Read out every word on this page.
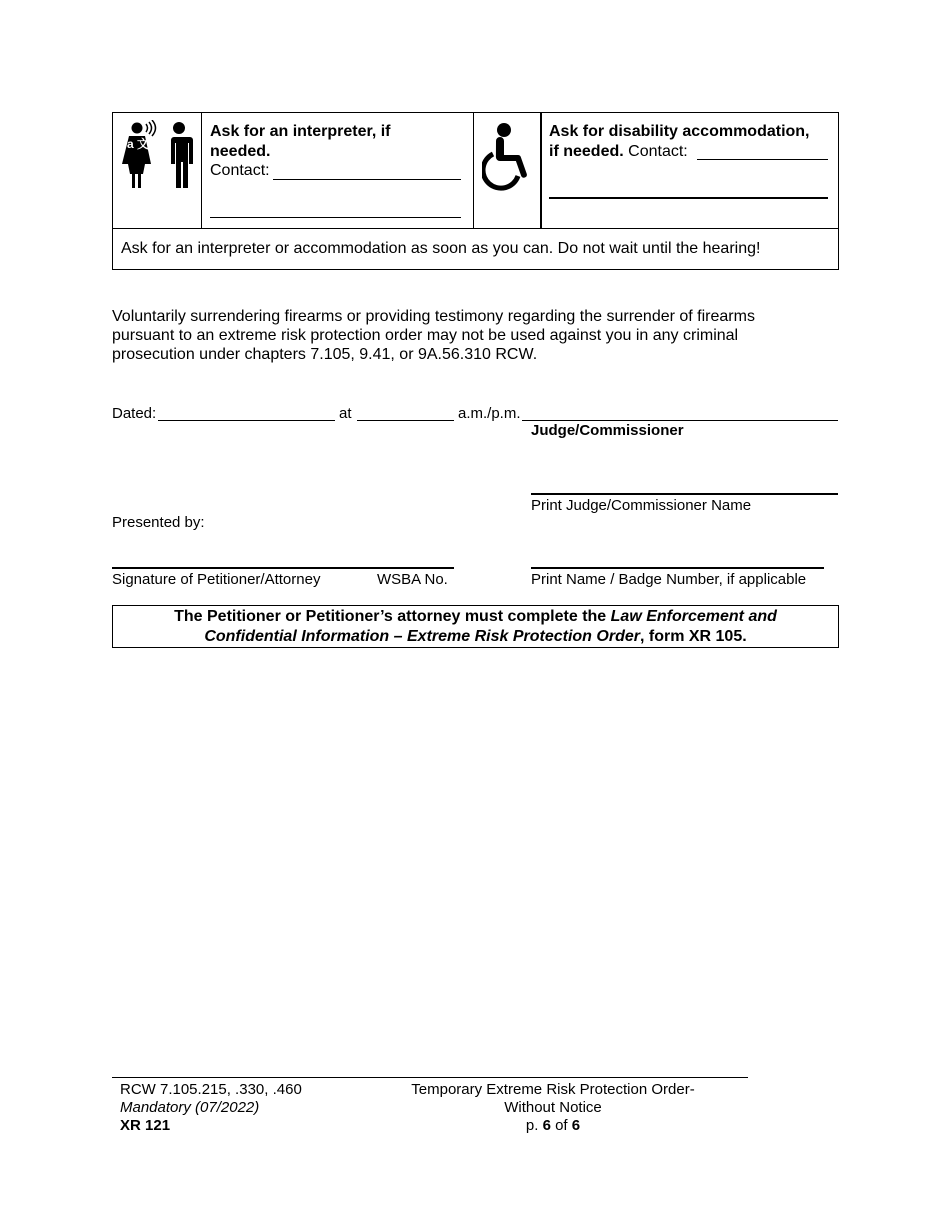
a 文
Ask for an interpreter, if
needed.
Contact:
Ask for disability accommodation,
if needed. Contact:
Ask for an interpreter or accommodation as soon as you can. Do not wait until the hearing!
Voluntarily surrendering firearms or providing testimony regarding the surrender of firearms
pursuant to an extreme risk protection order may not be used against you in any criminal
prosecution under chapters 7.105, 9.41, or 9A.56.310 RCW.
Dated:	at	a.m./p.m.
Judge/Commissioner
Print Judge/Commissioner Name
Presented by:
Signature of Petitioner/Attorney	WSBA No.	Print Name / Badge Number, if applicable
The Petitioner or Petitioner’s attorney must complete the Law Enforcement and
Confidential Information – Extreme Risk Protection Order, form XR 105.
RCW 7.105.215, .330, .460
Mandatory (07/2022)
XR 121
Temporary Extreme Risk Protection Order-
Without Notice
p. 6 of 6
